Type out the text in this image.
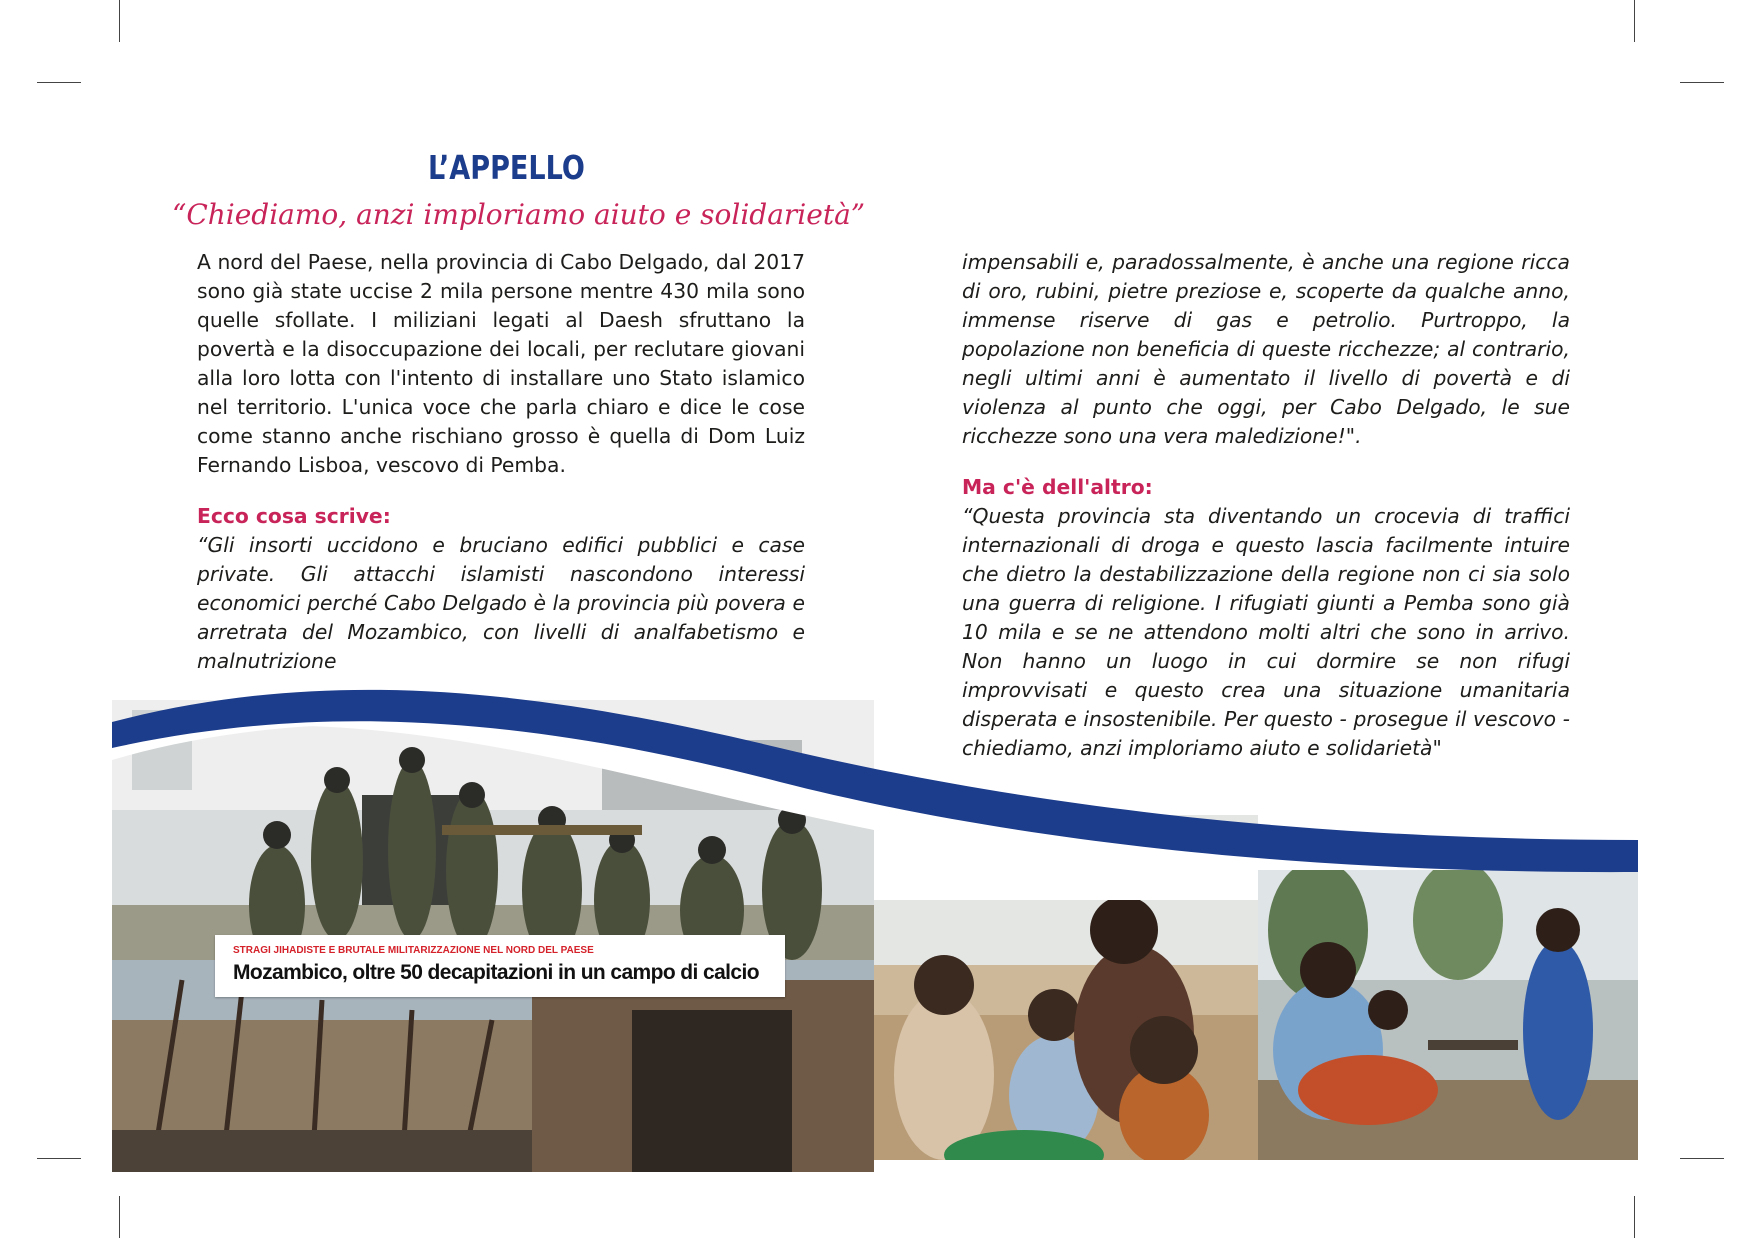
L’APPELLO
“Chiediamo, anzi imploriamo aiuto e solidarietà”

A nord del Paese, nella provincia di Cabo Delgado, dal 2017 sono già state uccise 2 mila persone mentre 430 mila sono quelle sfollate. I miliziani legati al Daesh sfruttano la povertà e la disoccupazione dei locali, per reclutare giovani alla loro lotta con l'intento di installare uno Stato islamico nel territorio. L'unica voce che parla chiaro e dice le cose come stanno anche rischiano grosso è quella di Dom Luiz Fernando Lisboa, vescovo di Pemba.

Ecco cosa scrive:

“Gli insorti uccidono e bruciano edifici pubblici e case private. Gli attacchi islamisti nascondono interessi economici perché Cabo Delgado è la provincia più povera e arretrata del Mozambico, con livelli di analfabetismo e malnutrizione

impensabili e, paradossalmente, è anche una regione ricca di oro, rubini, pietre preziose e, scoperte da qualche anno, immense riserve di gas e petrolio. Purtroppo, la popolazione non beneficia di queste ricchezze; al contrario, negli ultimi anni è aumentato il livello di povertà e di violenza al punto che oggi, per Cabo Delgado, le sue ricchezze sono una vera maledizione!".

Ma c'è dell'altro:

“Questa provincia sta diventando un crocevia di traffici internazionali di droga e questo lascia facilmente intuire che dietro la destabilizzazione della regione non ci sia solo una guerra di religione. I rifugiati giunti a Pemba sono già 10 mila e se ne attendono molti altri che sono in arrivo. Non hanno un luogo in cui dormire se non rifugi improvvisati e questo crea una situazione umanitaria disperata e insostenibile. Per questo - prosegue il vescovo - chiediamo, anzi imploriamo aiuto e solidarietà"

STRAGI JIHADISTE E BRUTALE MILITARIZZAZIONE NEL NORD DEL PAESE
Mozambico, oltre 50 decapitazioni in un campo di calcio
